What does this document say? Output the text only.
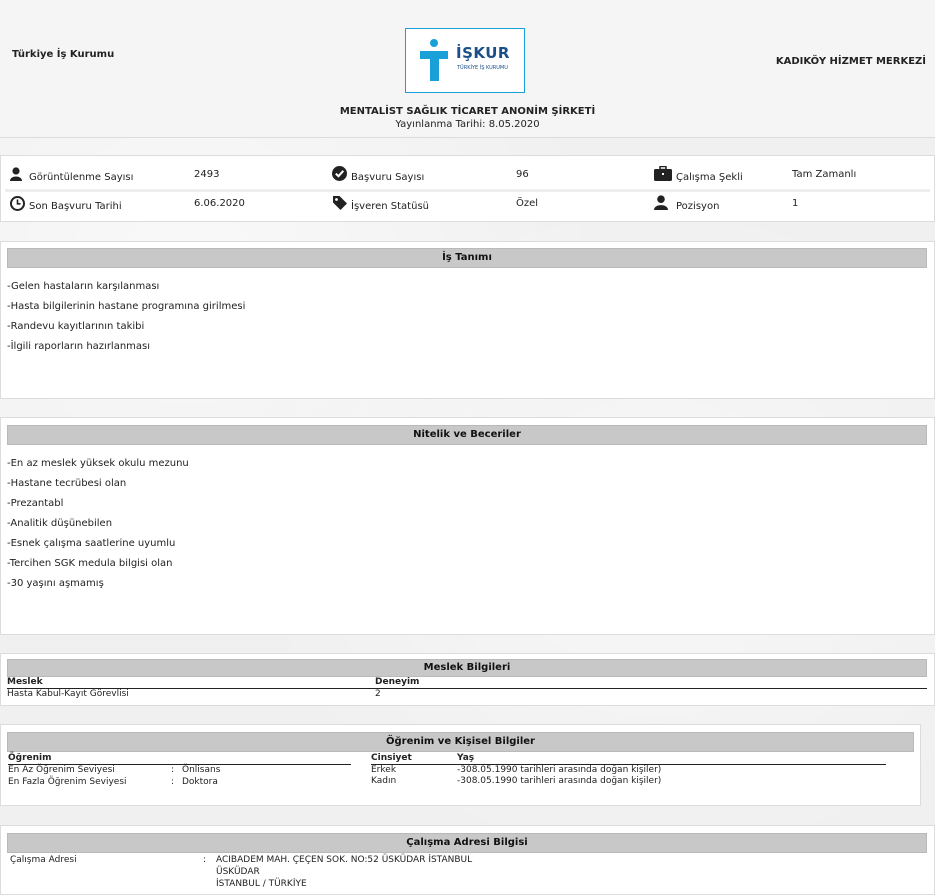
Türkiye İş Kurumu
KADIKÖY HİZMET MERKEZİ
İŞKUR
TÜRKİYE İŞ KURUMU
MENTALİST SAĞLIK TİCARET ANONİM ŞİRKETİ
Yayınlanma Tarihi: 8.05.2020
Görüntülenme Sayısı	2493	Başvuru Sayısı	96	Çalışma Şekli	Tam Zamanlı
Son Başvuru Tarihi	6.06.2020	İşveren Statüsü	Özel	Pozisyon	1
İş Tanımı
-Gelen hastaların karşılanması
-Hasta bilgilerinin hastane programına girilmesi
-Randevu kayıtlarının takibi
-İlgili raporların hazırlanması
Nitelik ve Beceriler
-En az meslek yüksek okulu mezunu
-Hastane tecrübesi olan
-Prezantabl
-Analitik düşünebilen
-Esnek çalışma saatlerine uyumlu
-Tercihen SGK medula bilgisi olan
-30 yaşını aşmamış
Meslek Bilgileri
Meslek	Deneyim
Hasta Kabul-Kayıt Görevlisi	2
Öğrenim ve Kişisel Bilgiler
Öğrenim
En Az Öğrenim Seviyesi	: Önlisans
En Fazla Öğrenim Seviyesi	: Doktora
Cinsiyet	Yaş
Erkek	-308.05.1990 tarihleri arasında doğan kişiler)
Kadın	-308.05.1990 tarihleri arasında doğan kişiler)
Çalışma Adresi Bilgisi
Çalışma Adresi	: ACIBADEM MAH. ÇEÇEN SOK. NO:52 ÜSKÜDAR İSTANBUL
ÜSKÜDAR
İSTANBUL / TÜRKİYE
